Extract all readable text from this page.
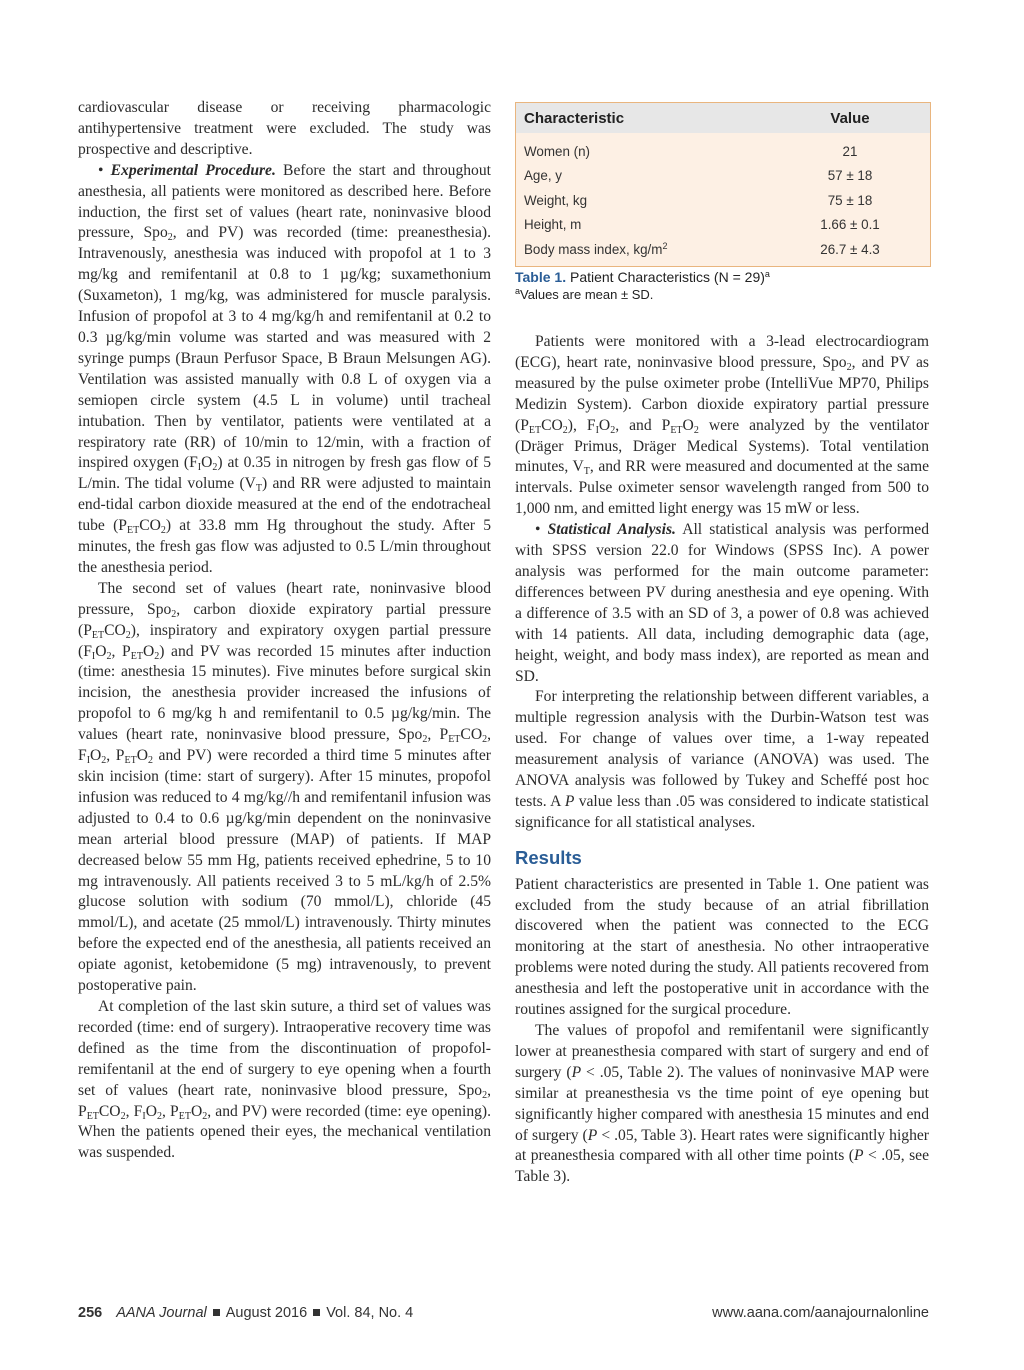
cardiovascular disease or receiving pharmacologic antihypertensive treatment were excluded. The study was prospective and descriptive.

• Experimental Procedure. Before the start and throughout anesthesia, all patients were monitored as described here. Before induction, the first set of values (heart rate, noninvasive blood pressure, Spo$_2$, and PV) was recorded (time: preanesthesia). Intravenously, anesthesia was induced with propofol at 1 to 3 mg/kg and remifentanil at 0.8 to 1 µg/kg; suxamethonium (Suxameton), 1 mg/kg, was administered for muscle paralysis. Infusion of propofol at 3 to 4 mg/kg/h and remifentanil at 0.2 to 0.3 µg/kg/min volume was started and was measured with 2 syringe pumps (Braun Perfusor Space, B Braun Melsungen AG). Ventilation was assisted manually with 0.8 L of oxygen via a semiopen circle system (4.5 L in volume) until tracheal intubation. Then by ventilator, patients were ventilated at a respiratory rate (RR) of 10/min to 12/min, with a fraction of inspired oxygen $(F_IO_2)$ at 0.35 in nitrogen by fresh gas flow of 5 L/min. The tidal volume $(V_T)$ and RR were adjusted to maintain end-tidal carbon dioxide measured at the end of the endotracheal tube $(P_{ET}CO_2)$ at 33.8 mm Hg throughout the study. After 5 minutes, the fresh gas flow was adjusted to 0.5 L/min throughout the anesthesia period.

The second set of values (heart rate, noninvasive blood pressure, Spo$_2$, carbon dioxide expiratory partial pressure $(P_{ET}CO_2)$, inspiratory and expiratory oxygen partial pressure ($F_IO_2$, $P_{ET}O_2$) and PV was recorded 15 minutes after induction (time: anesthesia 15 minutes). Five minutes before surgical skin incision, the anesthesia provider increased the infusions of propofol to 6 mg/kg h and remifentanil to 0.5 µg/kg/min. The values (heart rate, noninvasive blood pressure, Spo$_2$, $P_{ET}CO_2$, $F_IO_2$, $P_{ET}O_2$ and PV) were recorded a third time 5 minutes after skin incision (time: start of surgery). After 15 minutes, propofol infusion was reduced to 4 mg/kg//h and remifentanil infusion was adjusted to 0.4 to 0.6 µg/kg/min dependent on the noninvasive mean arterial blood pressure (MAP) of patients. If MAP decreased below 55 mm Hg, patients received ephedrine, 5 to 10 mg intravenously. All patients received 3 to 5 mL/kg/h of 2.5% glucose solution with sodium (70 mmol/L), chloride (45 mmol/L), and acetate (25 mmol/L) intravenously. Thirty minutes before the expected end of the anesthesia, all patients received an opiate agonist, ketobemidone (5 mg) intravenously, to prevent postoperative pain.

At completion of the last skin suture, a third set of values was recorded (time: end of surgery). Intraoperative recovery time was defined as the time from the discontinuation of propofol-remifentanil at the end of surgery to eye opening when a fourth set of values (heart rate, noninvasive blood pressure, Spo$_2$, $P_{ET}CO_2$, $F_IO_2$, $P_{ET}O_2$, and PV) were recorded (time: eye opening). When the patients opened their eyes, the mechanical ventilation was suspended.

Characteristic	Value
Women (n)	21
Age, y	57 ± 18
Weight, kg	75 ± 18
Height, m	1.66 ± 0.1
Body mass index, $kg/m^2$	26.7 ± 4.3
Table 1. Patient Characteristics (N = 29)$^a$
$^a$Values are mean ± SD.

Patients were monitored with a 3-lead electrocardiogram (ECG), heart rate, noninvasive blood pressure, Spo$_2$, and PV as measured by the pulse oximeter probe (IntelliVue MP70, Philips Medizin System). Carbon dioxide expiratory partial pressure $(P_{ET}CO_2)$, $F_IO_2$, and $P_{ET}O_2$ were analyzed by the ventilator (Dräger Primus, Dräger Medical Systems). Total ventilation minutes, $V_T$, and RR were measured and documented at the same intervals. Pulse oximeter sensor wavelength ranged from 500 to 1,000 nm, and emitted light energy was 15 mW or less.

• Statistical Analysis. All statistical analysis was performed with SPSS version 22.0 for Windows (SPSS Inc). A power analysis was performed for the main outcome parameter: differences between PV during anesthesia and eye opening. With a difference of 3.5 with an SD of 3, a power of 0.8 was achieved with 14 patients. All data, including demographic data (age, height, weight, and body mass index), are reported as mean and SD.

For interpreting the relationship between different variables, a multiple regression analysis with the Durbin-Watson test was used. For change of values over time, a 1-way repeated measurement analysis of variance (ANOVA) was used. The ANOVA analysis was followed by Tukey and Scheffé post hoc tests. A P value less than .05 was considered to indicate statistical significance for all statistical analyses.

Results

Patient characteristics are presented in Table 1. One patient was excluded from the study because of an atrial fibrillation discovered when the patient was connected to the ECG monitoring at the start of anesthesia. No other intraoperative problems were noted during the study. All patients recovered from anesthesia and left the postoperative unit in accordance with the routines assigned for the surgical procedure.

The values of propofol and remifentanil were significantly lower at preanesthesia compared with start of surgery and end of surgery (P < .05, Table 2). The values of noninvasive MAP were similar at preanesthesia vs the time point of eye opening but significantly higher compared with anesthesia 15 minutes and end of surgery (P < .05, Table 3). Heart rates were significantly higher at preanesthesia compared with all other time points (P < .05, see Table 3).

256 AANA Journal August 2016 Vol. 84, No. 4	www.aana.com/aanajournalonline
